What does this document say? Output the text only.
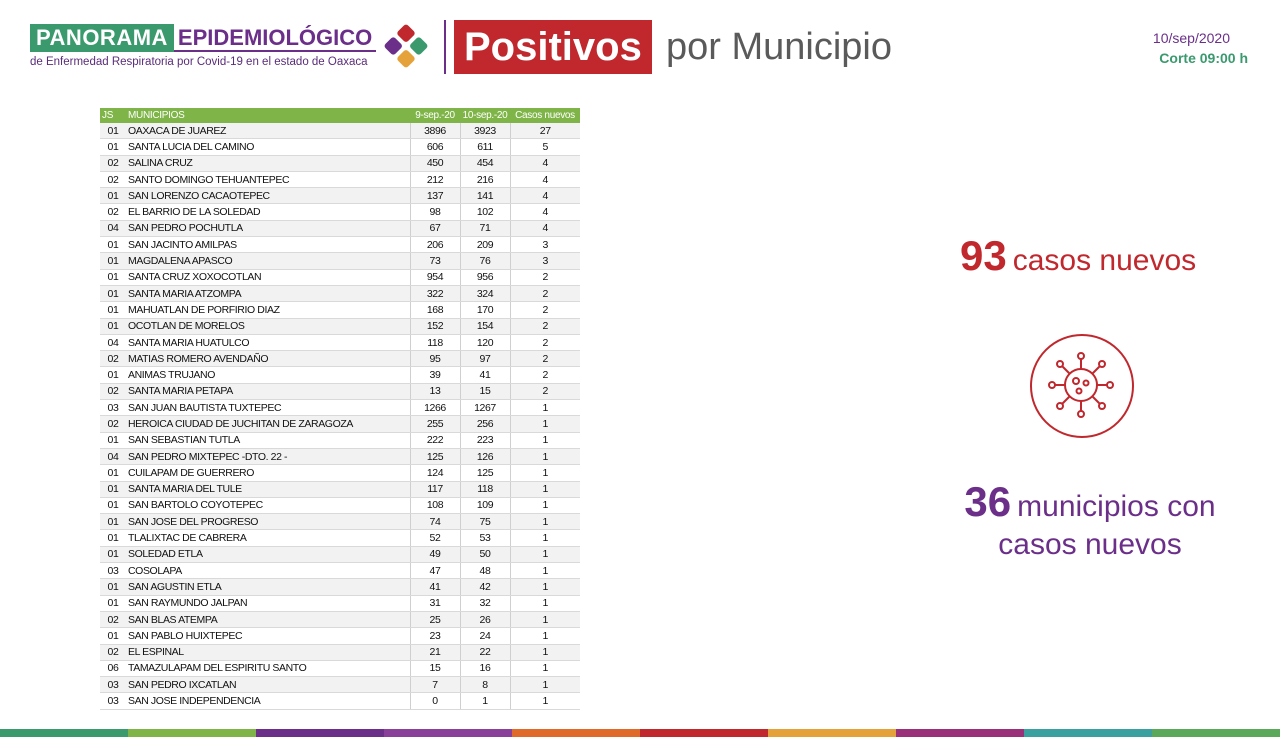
PANORAMA EPIDEMIOLÓGICO
de Enfermedad Respiratoria por Covid-19 en el estado de Oaxaca Positivos por Municipio	10/sep/2020
Corte 09:00 h
JS	MUNICIPIOS	9-sep.-20	10-sep.-20	Casos nuevos
01	OAXACA DE JUAREZ	3896	3923	27
01	SANTA LUCIA DEL CAMINO	606	611	5
02	SALINA CRUZ	450	454	4
02	SANTO DOMINGO TEHUANTEPEC	212	216	4
01	SAN LORENZO CACAOTEPEC	137	141	4
02	EL BARRIO DE LA SOLEDAD	98	102	4
04	SAN PEDRO POCHUTLA	67	71	4
01	SAN JACINTO AMILPAS	206	209	3
01	MAGDALENA APASCO	73	76	3
01	SANTA CRUZ XOXOCOTLAN	954	956	2
01	SANTA MARIA ATZOMPA	322	324	2
01	MAHUATLAN DE PORFIRIO DIAZ	168	170	2
01	OCOTLAN DE MORELOS	152	154	2
04	SANTA MARIA HUATULCO	118	120	2
02	MATIAS ROMERO AVENDAÑO	95	97	2
01	ANIMAS TRUJANO	39	41	2
02	SANTA MARIA PETAPA	13	15	2
03	SAN JUAN BAUTISTA TUXTEPEC	1266	1267	1
02	HEROICA CIUDAD DE JUCHITAN DE ZARAGOZA	255	256	1
01	SAN SEBASTIAN TUTLA	222	223	1
04	SAN PEDRO MIXTEPEC -DTO. 22 -	125	126	1
01	CUILAPAM DE GUERRERO	124	125	1
01	SANTA MARIA DEL TULE	117	118	1
01	SAN BARTOLO COYOTEPEC	108	109	1
01	SAN JOSE DEL PROGRESO	74	75	1
01	TLALIXTAC DE CABRERA	52	53	1
01	SOLEDAD ETLA	49	50	1
03	COSOLAPA	47	48	1
01	SAN AGUSTIN ETLA	41	42	1
01	SAN RAYMUNDO JALPAN	31	32	1
02	SAN BLAS ATEMPA	25	26	1
01	SAN PABLO HUIXTEPEC	23	24	1
02	EL ESPINAL	21	22	1
06	TAMAZULAPAM DEL ESPIRITU SANTO	15	16	1
03	SAN PEDRO IXCATLAN	7	8	1
03	SAN JOSE INDEPENDENCIA	0	1	1
93 casos nuevos
36 municipios con
casos nuevos
